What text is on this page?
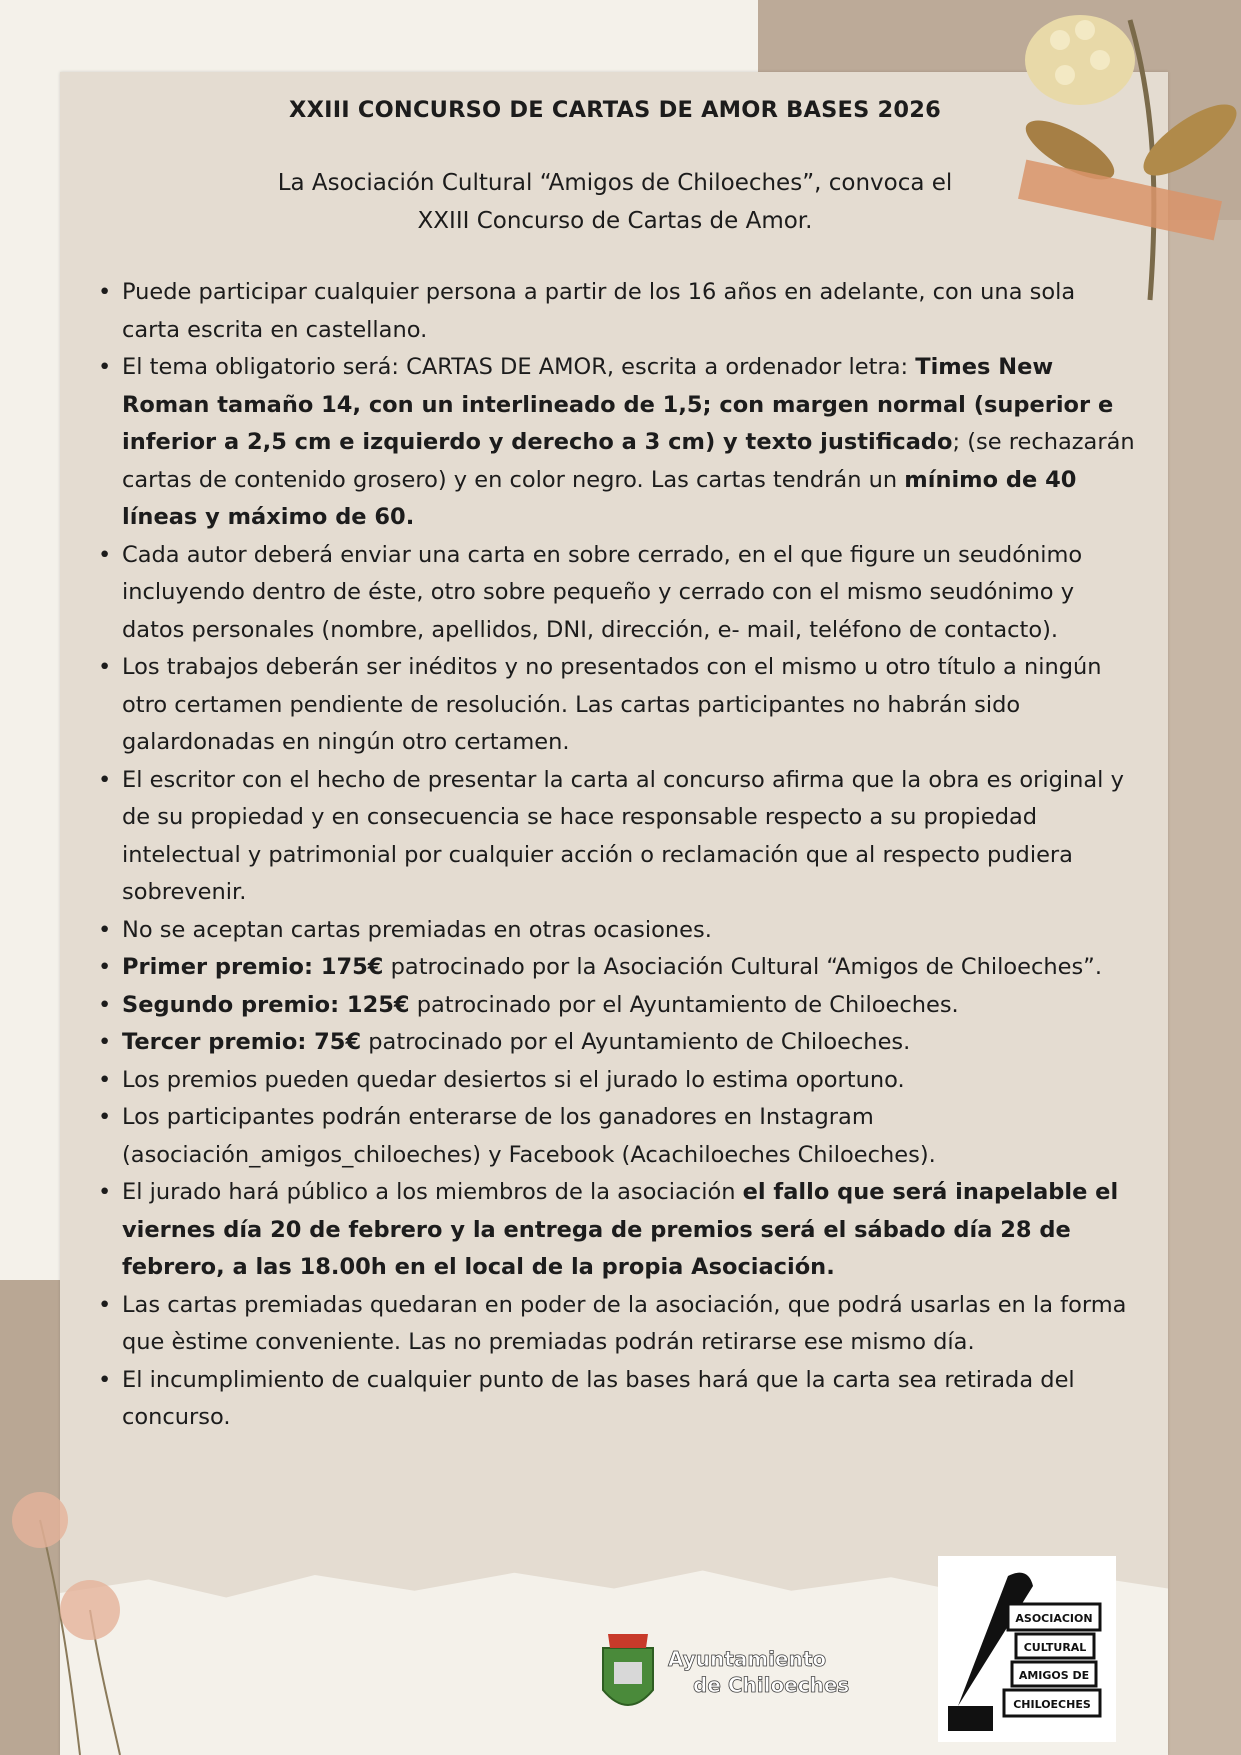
XXIII CONCURSO DE CARTAS DE AMOR BASES 2026
La Asociación Cultural “Amigos de Chiloeches”, convoca el
XXIII Concurso de Cartas de Amor.
• Puede participar cualquier persona a partir de los 16 años en adelante, con una sola carta escrita en castellano.
• El tema obligatorio será: CARTAS DE AMOR, escrita a ordenador letra: Times New Roman tamaño 14, con un interlineado de 1,5; con margen normal (superior e inferior a 2,5 cm e izquierdo y derecho a 3 cm) y texto justificado; (se rechazarán cartas de contenido grosero) y en color negro. Las cartas tendrán un mínimo de 40 líneas y máximo de 60.
• Cada autor deberá enviar una carta en sobre cerrado, en el que figure un seudónimo incluyendo dentro de éste, otro sobre pequeño y cerrado con el mismo seudónimo y datos personales (nombre, apellidos, DNI, dirección, e- mail, teléfono de contacto).
• Los trabajos deberán ser inéditos y no presentados con el mismo u otro título a ningún otro certamen pendiente de resolución. Las cartas participantes no habrán sido galardonadas en ningún otro certamen.
• El escritor con el hecho de presentar la carta al concurso afirma que la obra es original y de su propiedad y en consecuencia se hace responsable respecto a su propiedad intelectual y patrimonial por cualquier acción o reclamación que al respecto pudiera sobrevenir.
• No se aceptan cartas premiadas en otras ocasiones.
• Primer premio: 175€ patrocinado por la Asociación Cultural “Amigos de Chiloeches”.
• Segundo premio: 125€ patrocinado por el Ayuntamiento de Chiloeches.
• Tercer premio: 75€ patrocinado por el Ayuntamiento de Chiloeches.
• Los premios pueden quedar desiertos si el jurado lo estima oportuno.
• Los participantes podrán enterarse de los ganadores en Instagram (asociación_amigos_chiloeches) y Facebook (Acachiloeches Chiloeches).
• El jurado hará público a los miembros de la asociación el fallo que será inapelable el viernes día 20 de febrero y la entrega de premios será el sábado día 28 de febrero, a las 18.00h en el local de la propia Asociación.
• Las cartas premiadas quedaran en poder de la asociación, que podrá usarlas en la forma que èstime conveniente. Las no premiadas podrán retirarse ese mismo día.
• El incumplimiento de cualquier punto de las bases hará que la carta sea retirada del concurso.
Ayuntamiento
de Chiloeches
ASOCIACION
CULTURAL
AMIGOS DE
CHILOECHES
